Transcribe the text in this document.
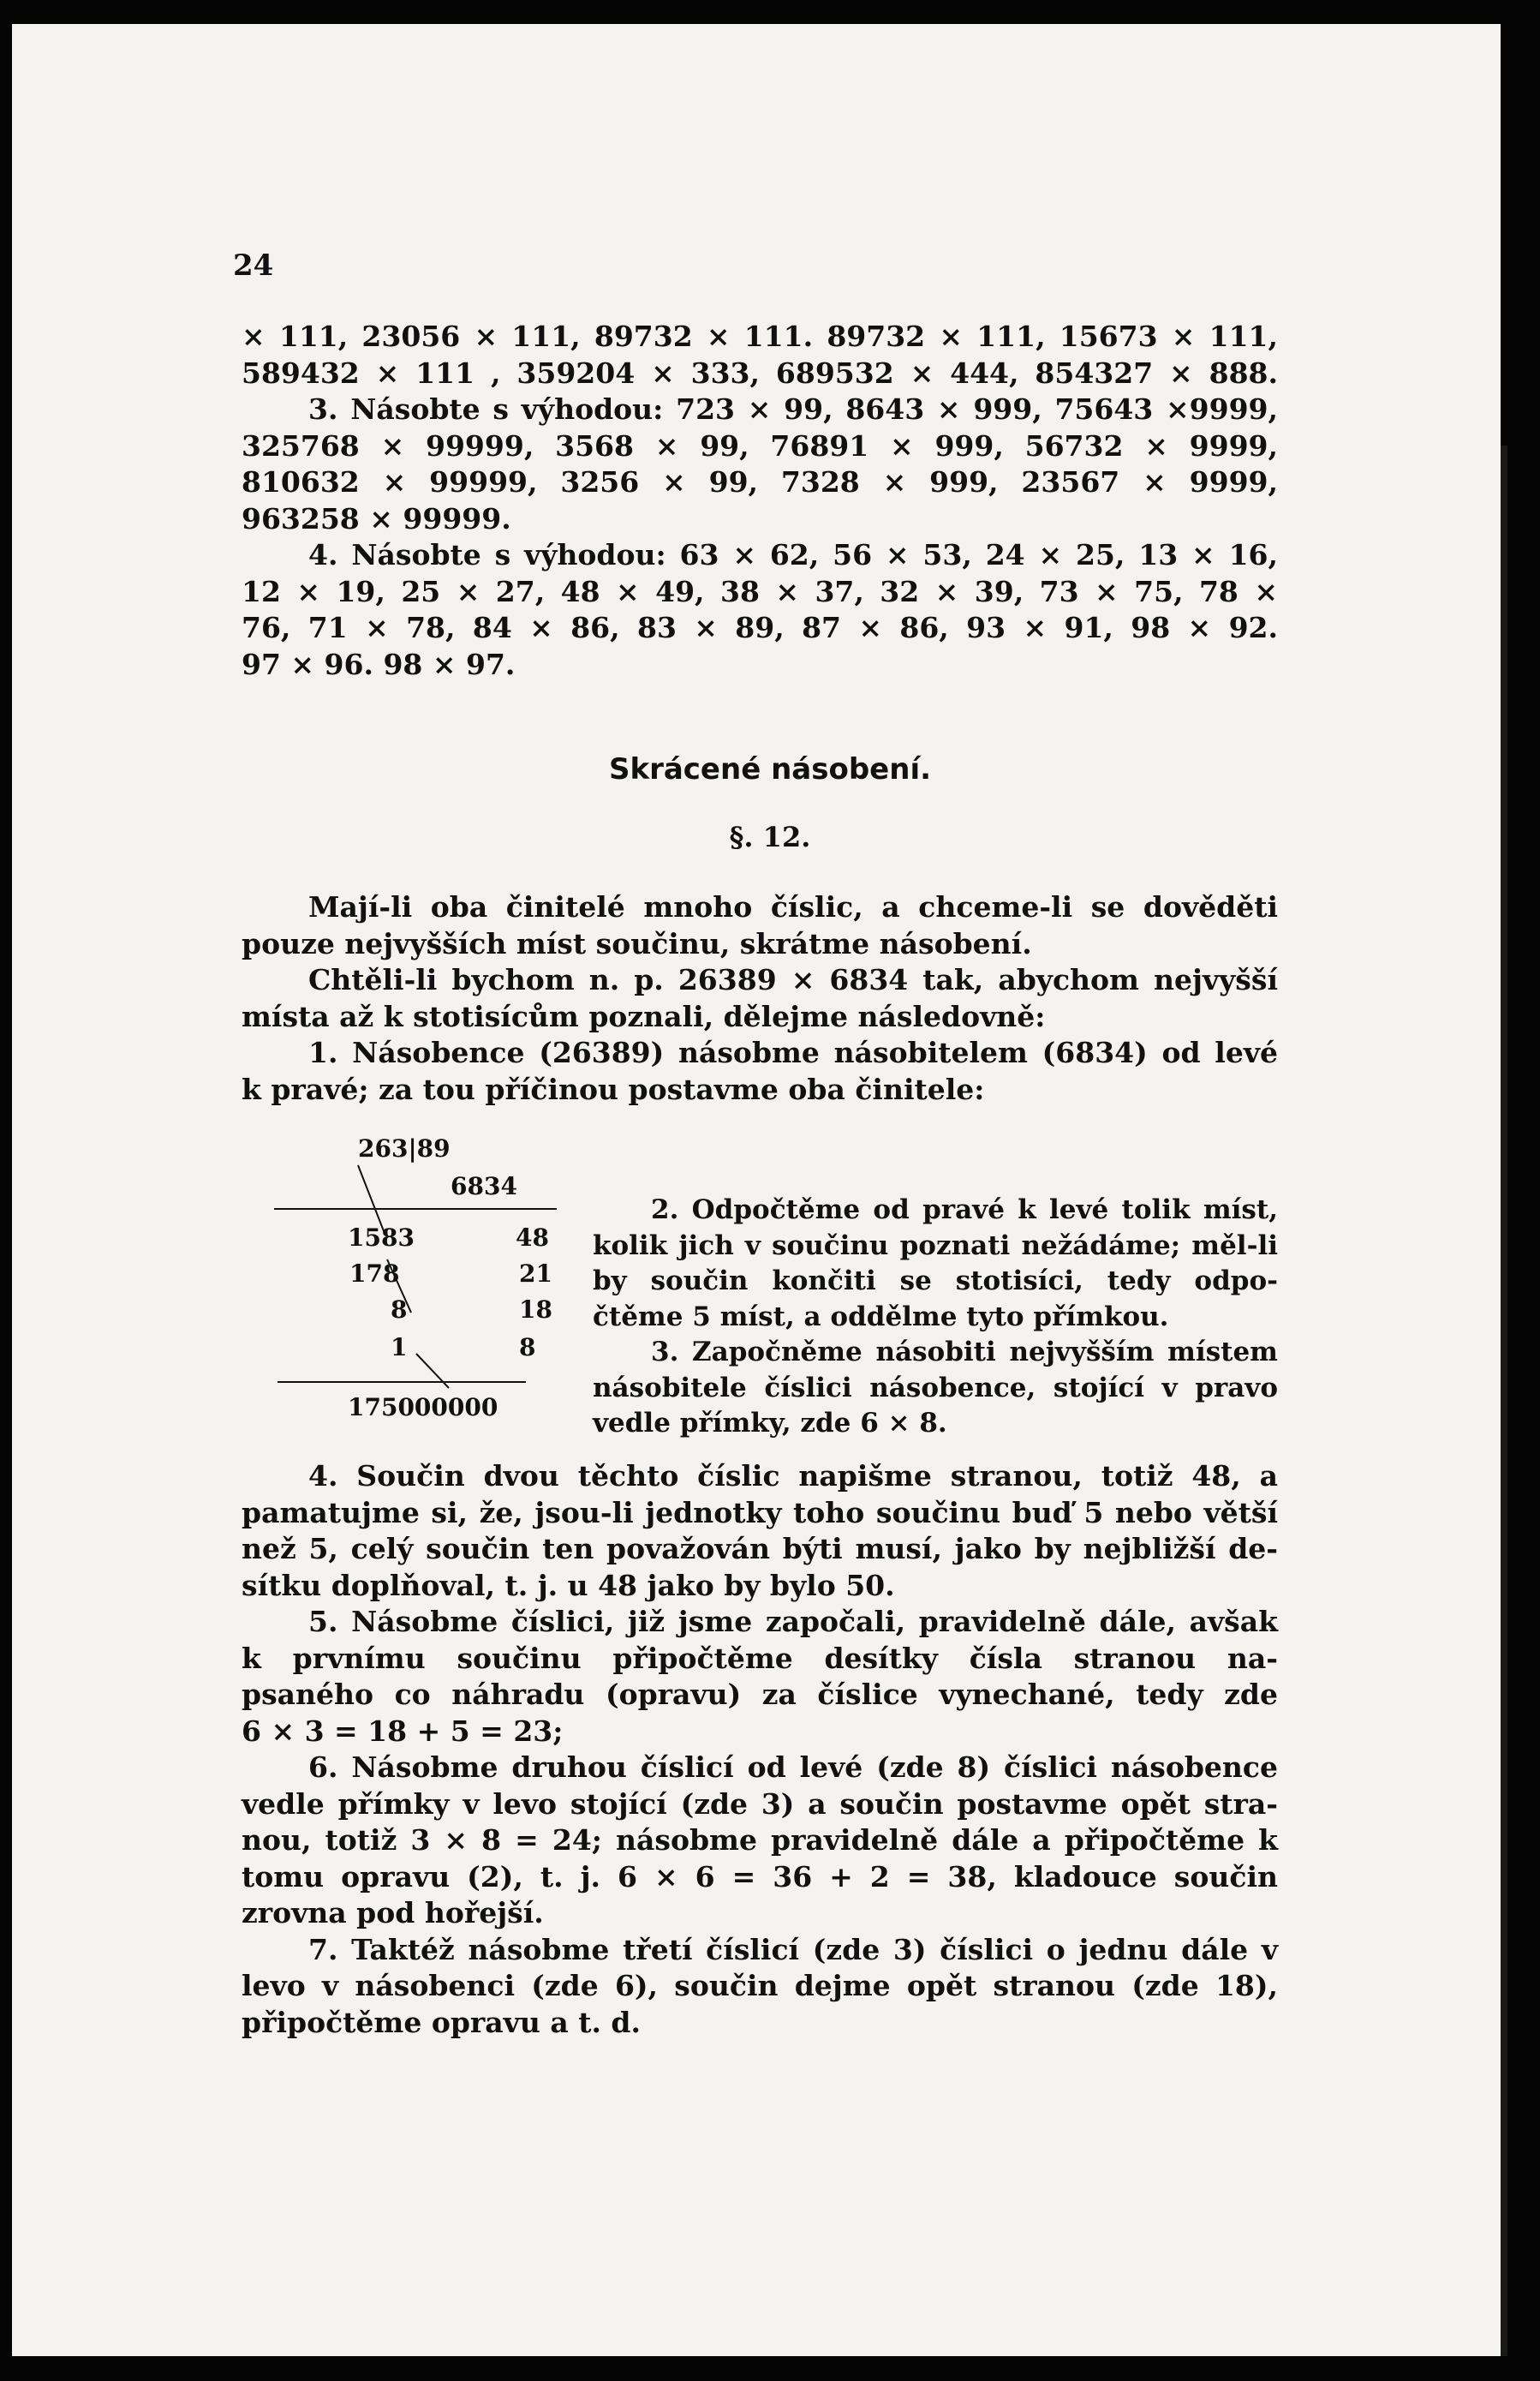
24
× 111, 23056 × 111, 89732 × 111. 89732 × 111, 15673 × 111,
589432 × 111 , 359204 × 333, 689532 × 444, 854327 × 888.
3. Násobte s výhodou: 723 × 99, 8643 × 999, 75643 ×9999,
325768 × 99999, 3568 × 99, 76891 × 999, 56732 × 9999,
810632 × 99999, 3256 × 99, 7328 × 999, 23567 × 9999,
963258 × 99999.
4. Násobte s výhodou: 63 × 62, 56 × 53, 24 × 25, 13 × 16,
12 × 19, 25 × 27, 48 × 49, 38 × 37, 32 × 39, 73 × 75, 78 ×
76, 71 × 78, 84 × 86, 83 × 89, 87 × 86, 93 × 91, 98 × 92.
97 × 96. 98 × 97.
Skrácené násobení.
§. 12.
Mají-li oba činitelé mnoho číslic, a chceme-li se dověděti
pouze nejvyšších míst součinu, skrátme násobení.
Chtěli-li bychom n. p. 26389 × 6834 tak, abychom nejvyšší
místa až k stotisícům poznali, dělejme následovně:
1. Násobence (26389) násobme násobitelem (6834) od levé
k pravé; za tou příčinou postavme oba činitele:
263|89
6834
1583	48
178	21
8	18
1	8
175000000
2. Odpočtěme od pravé k levé tolik míst,
kolik jich v součinu poznati nežádáme; měl-li
by součin končiti se stotisíci, tedy odpo-
čtěme 5 míst, a oddělme tyto přímkou.
3. Započněme násobiti nejvyšším místem
násobitele číslici násobence, stojící v pravo
vedle přímky, zde 6 × 8.
4. Součin dvou těchto číslic napišme stranou, totiž 48, a
pamatujme si, že, jsou-li jednotky toho součinu buď 5 nebo větší
než 5, celý součin ten považován býti musí, jako by nejbližší de-
sítku doplňoval, t. j. u 48 jako by bylo 50.
5. Násobme číslici, již jsme započali, pravidelně dále, avšak
k prvnímu součinu připočtěme desítky čísla stranou na-
psaného co náhradu (opravu) za číslice vynechané, tedy zde
6 × 3 = 18 + 5 = 23;
6. Násobme druhou číslicí od levé (zde 8) číslici násobence
vedle přímky v levo stojící (zde 3) a součin postavme opět stra-
nou, totiž 3 × 8 = 24; násobme pravidelně dále a připočtěme k
tomu opravu (2), t. j. 6 × 6 = 36 + 2 = 38, kladouce součin
zrovna pod hořejší.
7. Taktéž násobme třetí číslicí (zde 3) číslici o jednu dále v
levo v násobenci (zde 6), součin dejme opět stranou (zde 18),
připočtěme opravu a t. d.
